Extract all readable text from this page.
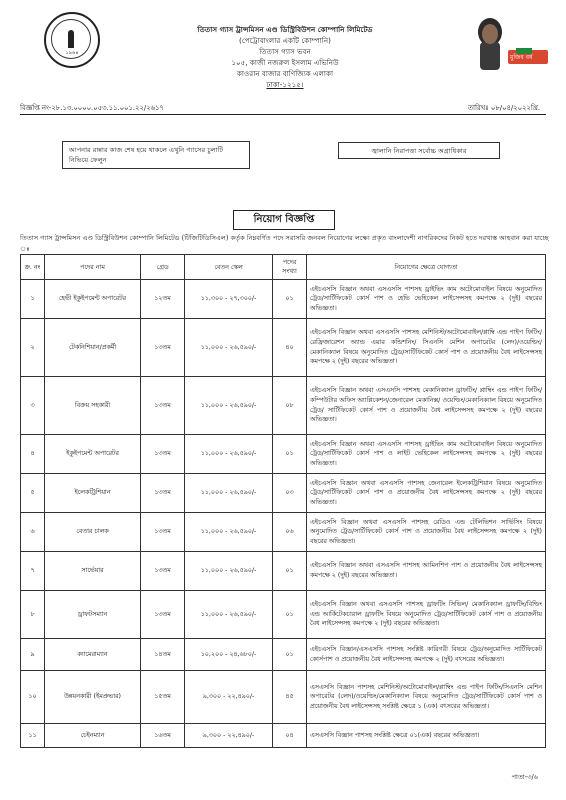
১৯৬৪
মুজিব বর্ষ
তিতাস গ্যাস ট্রান্সমিসন এণ্ড ডিস্ট্রিবিউশন কোম্পানি লিমিটেড
(পেট্রোবাংলার একটি কোম্পানি)
তিতাস গ্যাস ভবন
১০৫, কাজী নজরুল ইসলাম এভিনিউ
কাওরান বাজার বাণিজ্যিক এলাকা
ঢাকা-১২১৫।
বিজ্ঞপ্তি নং-২৮.১৩.০০০০.০৫৩.১১.০০১.২২/২৬১৭	তারিখঃ ০৮/০৪/২০২২খ্রি.
আপনার রান্নার কাজ শেষ হয়ে থাকলে এখুনি গ্যাসের চুলাটি নিভিয়ে ফেলুন
জ্বালানি নিরাপত্তা সর্বোচ্চ অগ্রাধিকার
নিয়োগ বিজ্ঞপ্তি
তিতাস গ্যাস ট্রান্সমিসন এণ্ড ডিস্ট্রিবিউশন কোম্পানি লিমিটেড (টিজিটিডিসিএল) কর্তৃক নিম্নবর্ণিত পদে সরাসরি জনবল নিয়োগের লক্ষ্যে প্রকৃত বাংলাদেশী নাগরিকদের নিকট হতে দরখাস্ত আহবান করা যাচ্ছে ঃ
ক্র. নং	পদের নাম	গ্রেড	বেতন স্কেল	পদের সংখ্যা	নিয়োগের ক্ষেত্রে যোগ্যতা
১	হেভী ইকুইপমেন্ট অপারেটর	১২তম	১১,৩০০ - ২৭,৩০০/-	০১	এইচএসসি বিজ্ঞান অথবা এসএসসি পাশসহ ড্রাইভিং কাম অটোমোবাইল বিষয়ে অনুমোদিত ট্রেড/সার্টিফিকেট কোর্স পাশ ও হেভি ভেহিকেল লাইসেন্সসহ কমপক্ষে ২ (দুই) বছরের অভিজ্ঞতা।
২	টেকনিশিয়ান/প্রকর্মী	১৩তম	১১,০০০ - ২৬,৫৯০/-	৪০	এইচএসসি বিজ্ঞান অথবা এসএসসি পাশসহ মেশিনিস্ট/অটোমোবাইল/প্লাম্বি এন্ড পাইপ ফিটিং/রেফ্রিজারেশন অ্যান্ড এয়ার কন্ডিশনিং/ সিএনসি মেশিন অপারেটর (লেদ)/ওয়েল্ডিং/মেকানিক্যাল বিষয়ে অনুমোদিত ট্রেড/সার্টিফিকেট কোর্স পাশ ও প্রয়োজনীয় বৈধ লাইসেন্সসহ কমপক্ষে ২ (দুই) বছরের অভিজ্ঞতা।
৩	বিক্রয় সহকারী	১৩তম	১১,০০০ - ২৬,৫৯০/-	০৮	এইচএসসি বিজ্ঞান অথবা এসএসসি পাশসহ মেকানিক্যাল ড্রাফটিং/ প্লাম্বিং এন্ড পাইপ ফিটিং/কম্পিউটার অফিস অ্যাপ্লিকেশন/জেনারেল মেকানিক্স/ ওয়েল্ডিং/মেকানিক্যাল বিষয়ে অনুমোদিত ট্রেড/ সার্টিফিকেট কোর্স পাশ ও প্রয়োজনীয় বৈধ লাইসেন্সসহ কমপক্ষে ২ (দুই) বছরের অভিজ্ঞতা।
৪	ইকুইপমেন্ট অপারেটর	১৩তম	১১,০০০ - ২৬,৫৯০/-	০১	এইচএসসি বিজ্ঞান অথবা এসএসসি পাশসহ ড্রাইভিং কাম অটোমোবাইল বিষয়ে অনুমোদিত ট্রেড/সার্টিফিকেট কোর্স পাশ ও লাইট ভেহিকেল লাইসেন্সসহ কমপক্ষে ২ (দুই) বছরের অভিজ্ঞতা।
৫	ইলেকট্রিশিয়ান	১৩তম	১১,০০০ - ২৬,৫৯০/-	০৩	এইচএসসি বিজ্ঞান অথবা এসএসসি পাশসহ জেনারেল ইলেকট্রিশিয়ান বিষয়ে অনুমোদিত ট্রেড/সার্টিফিকেট কোর্স পাশ ও প্রয়োজনীয় বৈধ লাইসেন্সসহ কমপক্ষে ২ (দুই) বছরের অভিজ্ঞতা।
৬	বেতার চালক	১৩তম	১১,০০০ - ২৬,৫৯০/-	০৬	এইচএসসি বিজ্ঞান অথবা এসএসসি পাশসহ রেডিও এন্ড টেলিভিশন সার্ভিসিং বিষয়ে অনুমোদিত ট্রেড/সার্টিফিকেট কোর্স পাশ ও প্রয়োজনীয় বৈধ লাইসেন্সসহ কমপক্ষে ২ (দুই) বছরের অভিজ্ঞতা।
৭	সার্ভেয়ার	১৩তম	১১,০০০ - ২৬,৫৯০/-	০১	এইচএসসি বিজ্ঞান অথবা এসএসসি পাশসহ আমিনশিপ পাশ ও প্রয়োজনীয় বৈধ লাইসেন্সসহ কমপক্ষে ২ (দুই) বছরের অভিজ্ঞতা।
৮	ড্রাফটসম্যান	১৩তম	১১,০০০ - ২৬,৫৯০/-	০১	এইচএসসি বিজ্ঞান অথবা এসএসসি পাশসহ ড্রাফটিং সিভিল/ মেকানিক্যাল ড্রাফটিং/বিল্ডিং এন্ড আর্কিটেকচারাল ড্রাফটিং বিষয়ে অনুমোদিত ট্রেড/সার্টিফিকেট কোর্স পাশ ও প্রয়োজনীয় বৈধ লাইসেন্সসহ কমপক্ষে ২ (দুই) বছরের অভিজ্ঞতা।
৯	ক্যামেরাম্যান	১৪তম	১০,২০০ - ২৪,৬৮০/-	০১	এইচএসসি বিজ্ঞান/এসএসসি পাশসহ সংশ্লিষ্ট কারিগরী বিষয়ে ট্রেড/অনুমোদিত সার্টিফিকেট কোর্সপাশ ও প্রয়োজনীয় বৈধ লাইসেন্সসহ কমপক্ষে ২ (দুই) বৎসরের অভিজ্ঞতা।
১০	উন্নয়নকারী (ইমপ্রুভার)	১৫তম	৯,৩০০ - ২২,৪৯০/-	৪৫	এসএসসি বিজ্ঞান পাশসহ মেশিনিস্ট/অটোমোবাইল/প্লাম্বিং এন্ড পাইপ ফিটিং/সিএনসি মেশিন অপারেটর (লেদ)/ওয়েল্ডিং/মেকানিক্যাল বিষয়ে অনুমোদিত ট্রেড/সার্টিফিকেট কোর্স পাশ ও প্রয়োজনীয় বৈধ লাইসেন্সসহ সংশ্লিষ্ট ক্ষেত্রে ১ (এক) বৎসরের অভিজ্ঞতা।
১১	চেইনম্যান	১৬তম	৯,৩০০ - ২২,৪৯০/-	০৪	এসএসসি বিজ্ঞান পাশসহ সংশ্লিষ্ট ক্ষেত্রে ০১(এক) বছরের অভিজ্ঞতা।
পাতা-৩/৬
